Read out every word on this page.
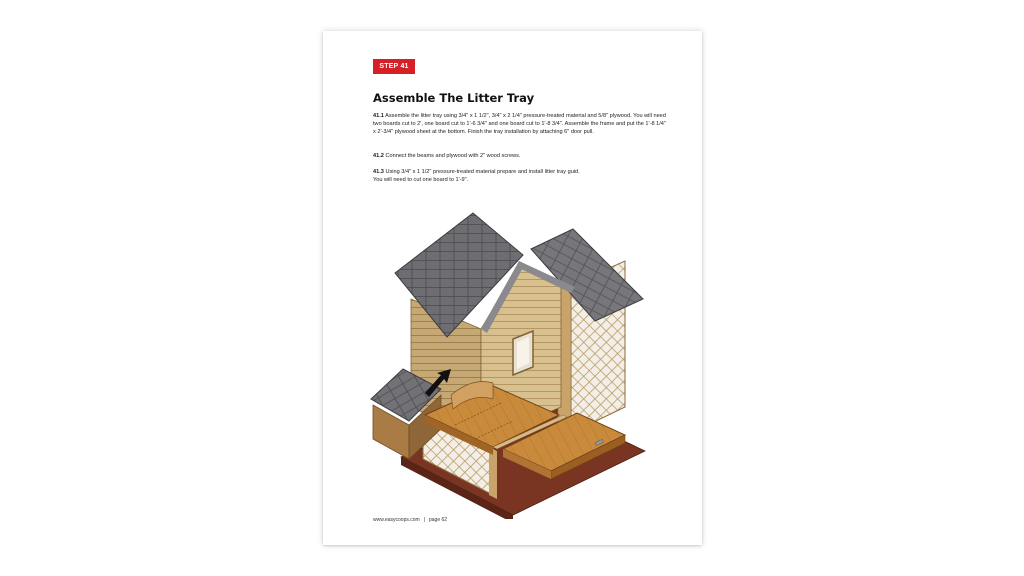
STEP 41
Assemble The Litter Tray

41.1 Assemble the litter tray using 3/4" x 1 1/2", 3/4" x 2 1/4" pressure-treated material and 5/8" plywood. You will need two boards cut to 2', one board cut to 1'-6 3/4" and one board cut to 1'-8 3/4". Assemble the frame and put the 1'-8 1/4" x 2'-3/4" plywood sheet at the bottom. Finish the tray installation by attaching 6" door pull.

41.2 Connect the beams and plywood with 2" wood screws.

41.3 Using 3/4" x 1 1/2" pressure-treated material prepare and install litter tray guid.
You will need to cut one board to 1'-9".

www.easycoops.com | page 62
